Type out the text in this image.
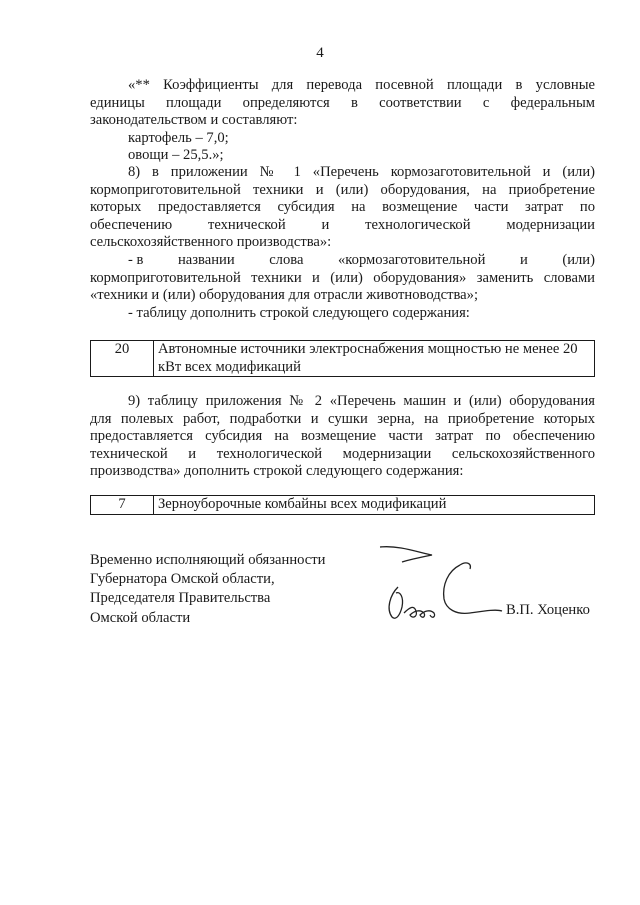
4

«** Коэффициенты для перевода посевной площади в условные

единицы площади определяются в соответствии с федеральным

законодательством и составляют:

картофель – 7,0;

овощи – 25,5.»;

8) в приложении № 1 «Перечень кормозаготовительной и (или)

кормоприготовительной техники и (или) оборудования, на приобретение

которых предоставляется субсидия на возмещение части затрат по

обеспечению технической и технологической модернизации

сельскохозяйственного производства»:

- в названии слова «кормозаготовительной и (или)

кормоприготовительной техники и (или) оборудования» заменить словами

«техники и (или) оборудования для отрасли животноводства»;

- таблицу дополнить строкой следующего содержания:

20	Автономные источники электроснабжения мощностью не менее 20 кВт всех модификаций

9) таблицу приложения № 2 «Перечень машин и (или) оборудования

для полевых работ, подработки и сушки зерна, на приобретение которых

предоставляется субсидия на возмещение части затрат по обеспечению

технической и технологической модернизации сельскохозяйственного

производства» дополнить строкой следующего содержания:

7	Зерноуборочные комбайны всех модификаций

Временно исполняющий обязанности

Губернатора Омской области,

Председателя Правительства

Омской области	В.П. Хоценко
